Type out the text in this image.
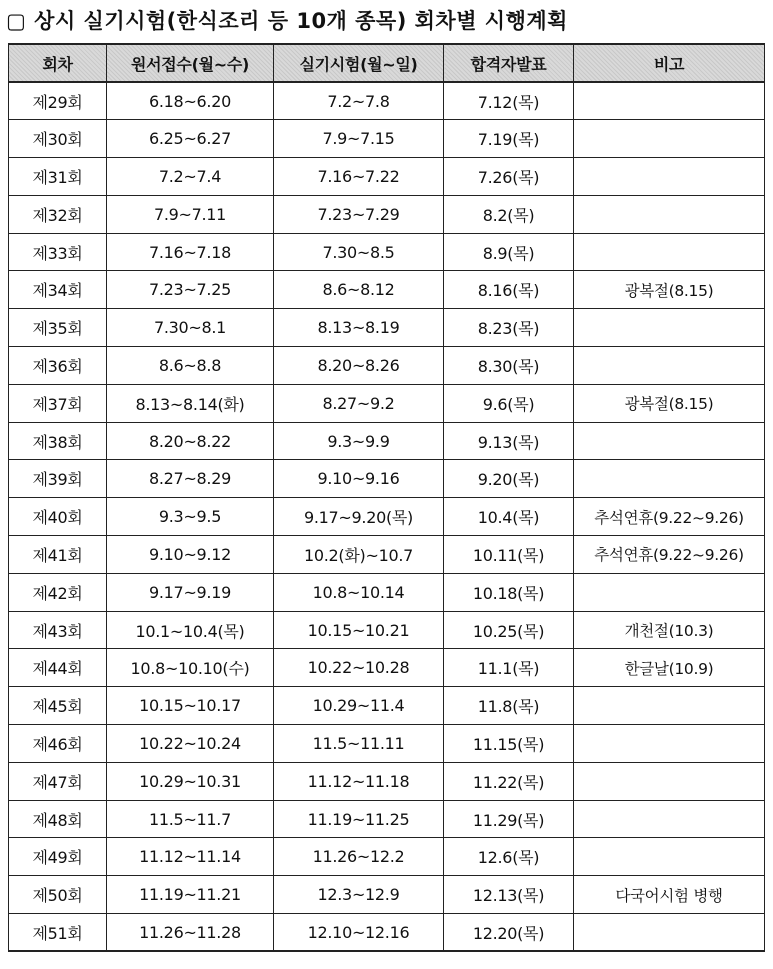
▢ 상시 실기시험(한식조리 등 10개 종목) 회차별 시행계획
회차	원서접수(월~수)	실기시험(월~일)	합격자발표	비고
제29회	6.18~6.20	7.2~7.8	7.12(목)	
제30회	6.25~6.27	7.9~7.15	7.19(목)	
제31회	7.2~7.4	7.16~7.22	7.26(목)	
제32회	7.9~7.11	7.23~7.29	8.2(목)	
제33회	7.16~7.18	7.30~8.5	8.9(목)	
제34회	7.23~7.25	8.6~8.12	8.16(목)	광복절(8.15)
제35회	7.30~8.1	8.13~8.19	8.23(목)	
제36회	8.6~8.8	8.20~8.26	8.30(목)	
제37회	8.13~8.14(화)	8.27~9.2	9.6(목)	광복절(8.15)
제38회	8.20~8.22	9.3~9.9	9.13(목)	
제39회	8.27~8.29	9.10~9.16	9.20(목)	
제40회	9.3~9.5	9.17~9.20(목)	10.4(목)	추석연휴(9.22~9.26)
제41회	9.10~9.12	10.2(화)~10.7	10.11(목)	추석연휴(9.22~9.26)
제42회	9.17~9.19	10.8~10.14	10.18(목)	
제43회	10.1~10.4(목)	10.15~10.21	10.25(목)	개천절(10.3)
제44회	10.8~10.10(수)	10.22~10.28	11.1(목)	한글날(10.9)
제45회	10.15~10.17	10.29~11.4	11.8(목)	
제46회	10.22~10.24	11.5~11.11	11.15(목)	
제47회	10.29~10.31	11.12~11.18	11.22(목)	
제48회	11.5~11.7	11.19~11.25	11.29(목)	
제49회	11.12~11.14	11.26~12.2	12.6(목)	
제50회	11.19~11.21	12.3~12.9	12.13(목)	다국어시험 병행
제51회	11.26~11.28	12.10~12.16	12.20(목)	
